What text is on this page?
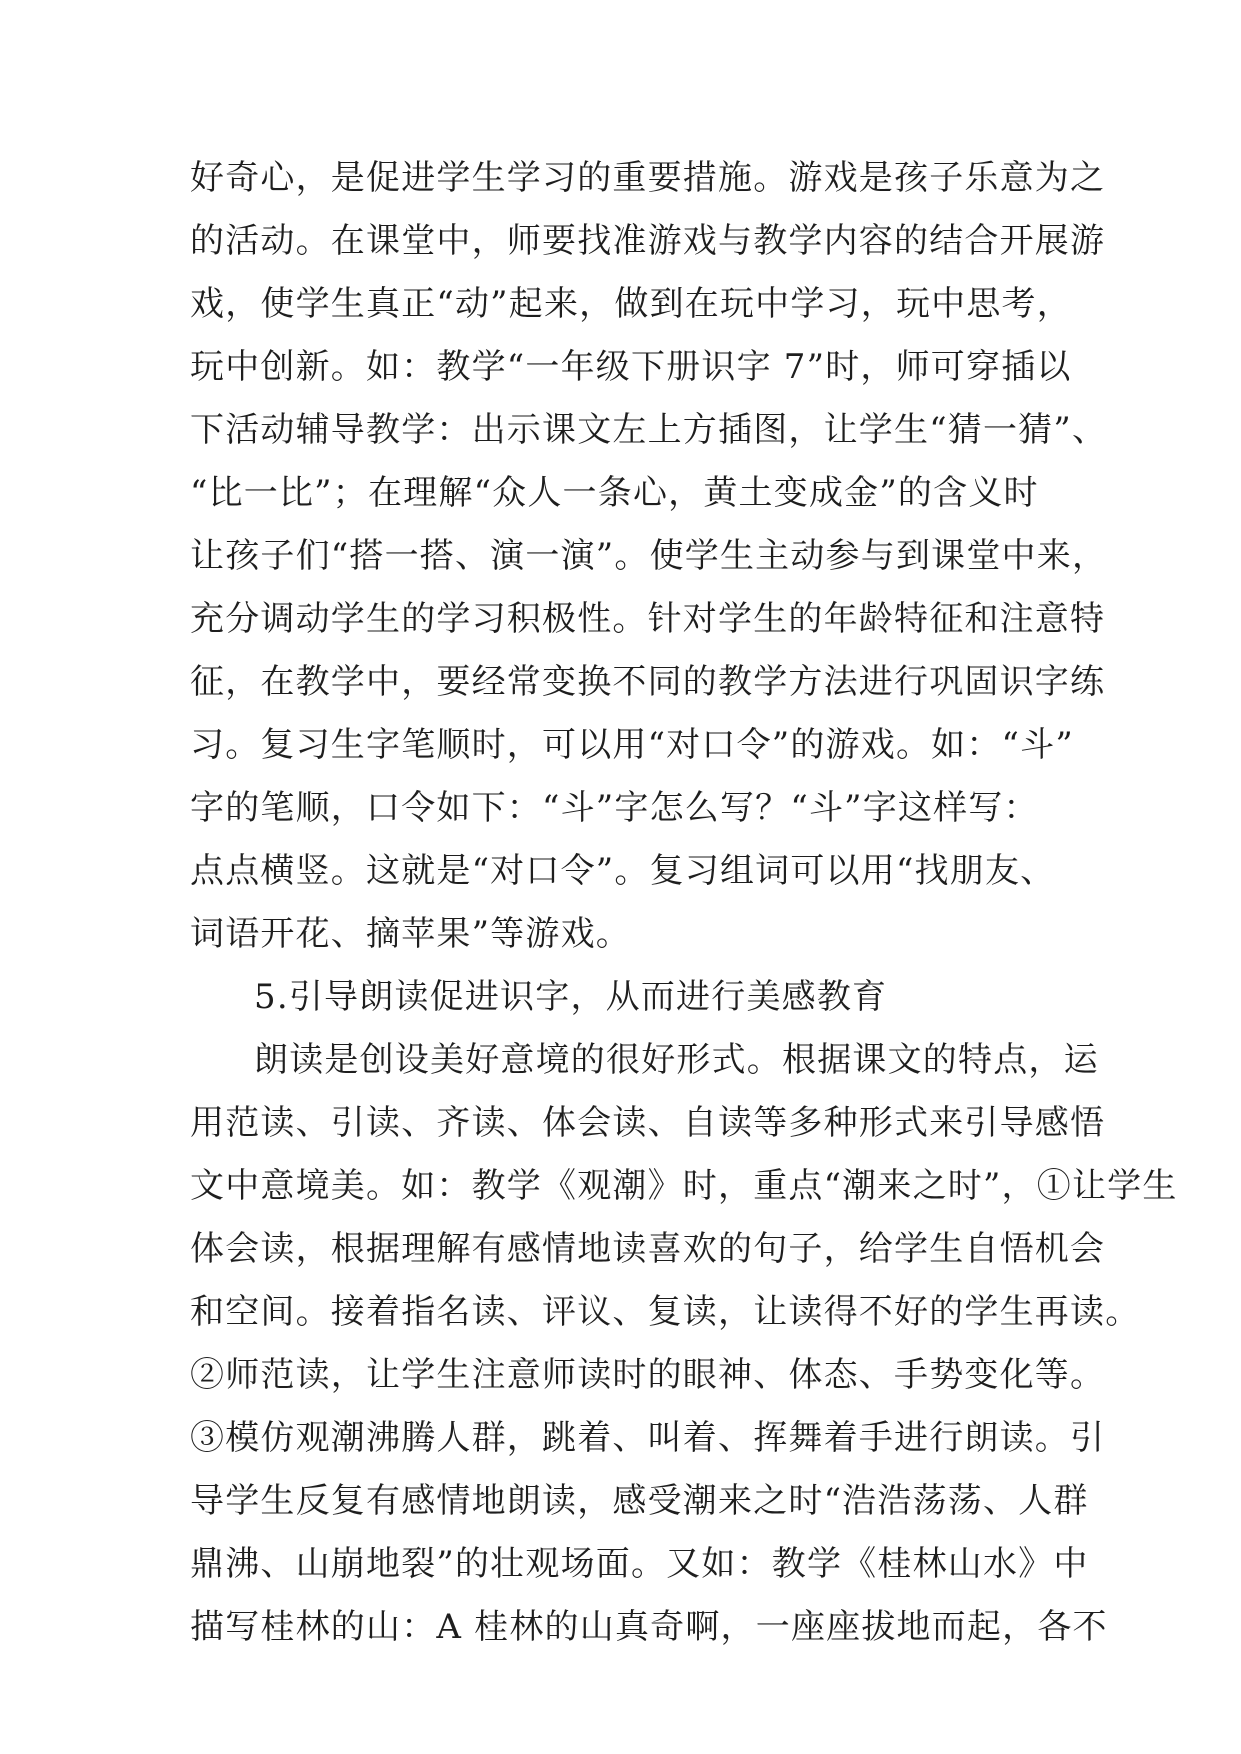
好奇心，是促进学生学习的重要措施。游戏是孩子乐意为之
的活动。在课堂中，师要找准游戏与教学内容的结合开展游
戏，使学生真正“动”起来，做到在玩中学习，玩中思考，
玩中创新。如：教学“一年级下册识字 7”时，师可穿插以
下活动辅导教学：出示课文左上方插图，让学生“猜一猜”、
“比一比”；在理解“众人一条心，黄土变成金”的含义时
让孩子们“搭一搭、演一演”。使学生主动参与到课堂中来，
充分调动学生的学习积极性。针对学生的年龄特征和注意特
征，在教学中，要经常变换不同的教学方法进行巩固识字练
习。复习生字笔顺时，可以用“对口令”的游戏。如：“斗”
字的笔顺，口令如下：“斗”字怎么写？“斗”字这样写：
点点横竖。这就是“对口令”。复习组词可以用“找朋友、
词语开花、摘苹果”等游戏。
5.引导朗读促进识字，从而进行美感教育
朗读是创设美好意境的很好形式。根据课文的特点，运
用范读、引读、齐读、体会读、自读等多种形式来引导感悟
文中意境美。如：教学《观潮》时，重点“潮来之时”，①让学生
体会读，根据理解有感情地读喜欢的句子，给学生自悟机会
和空间。接着指名读、评议、复读，让读得不好的学生再读。
②师范读，让学生注意师读时的眼神、体态、手势变化等。
③模仿观潮沸腾人群，跳着、叫着、挥舞着手进行朗读。引
导学生反复有感情地朗读，感受潮来之时“浩浩荡荡、人群
鼎沸、山崩地裂”的壮观场面。又如：教学《桂林山水》中
描写桂林的山：A 桂林的山真奇啊，一座座拔地而起，各不
